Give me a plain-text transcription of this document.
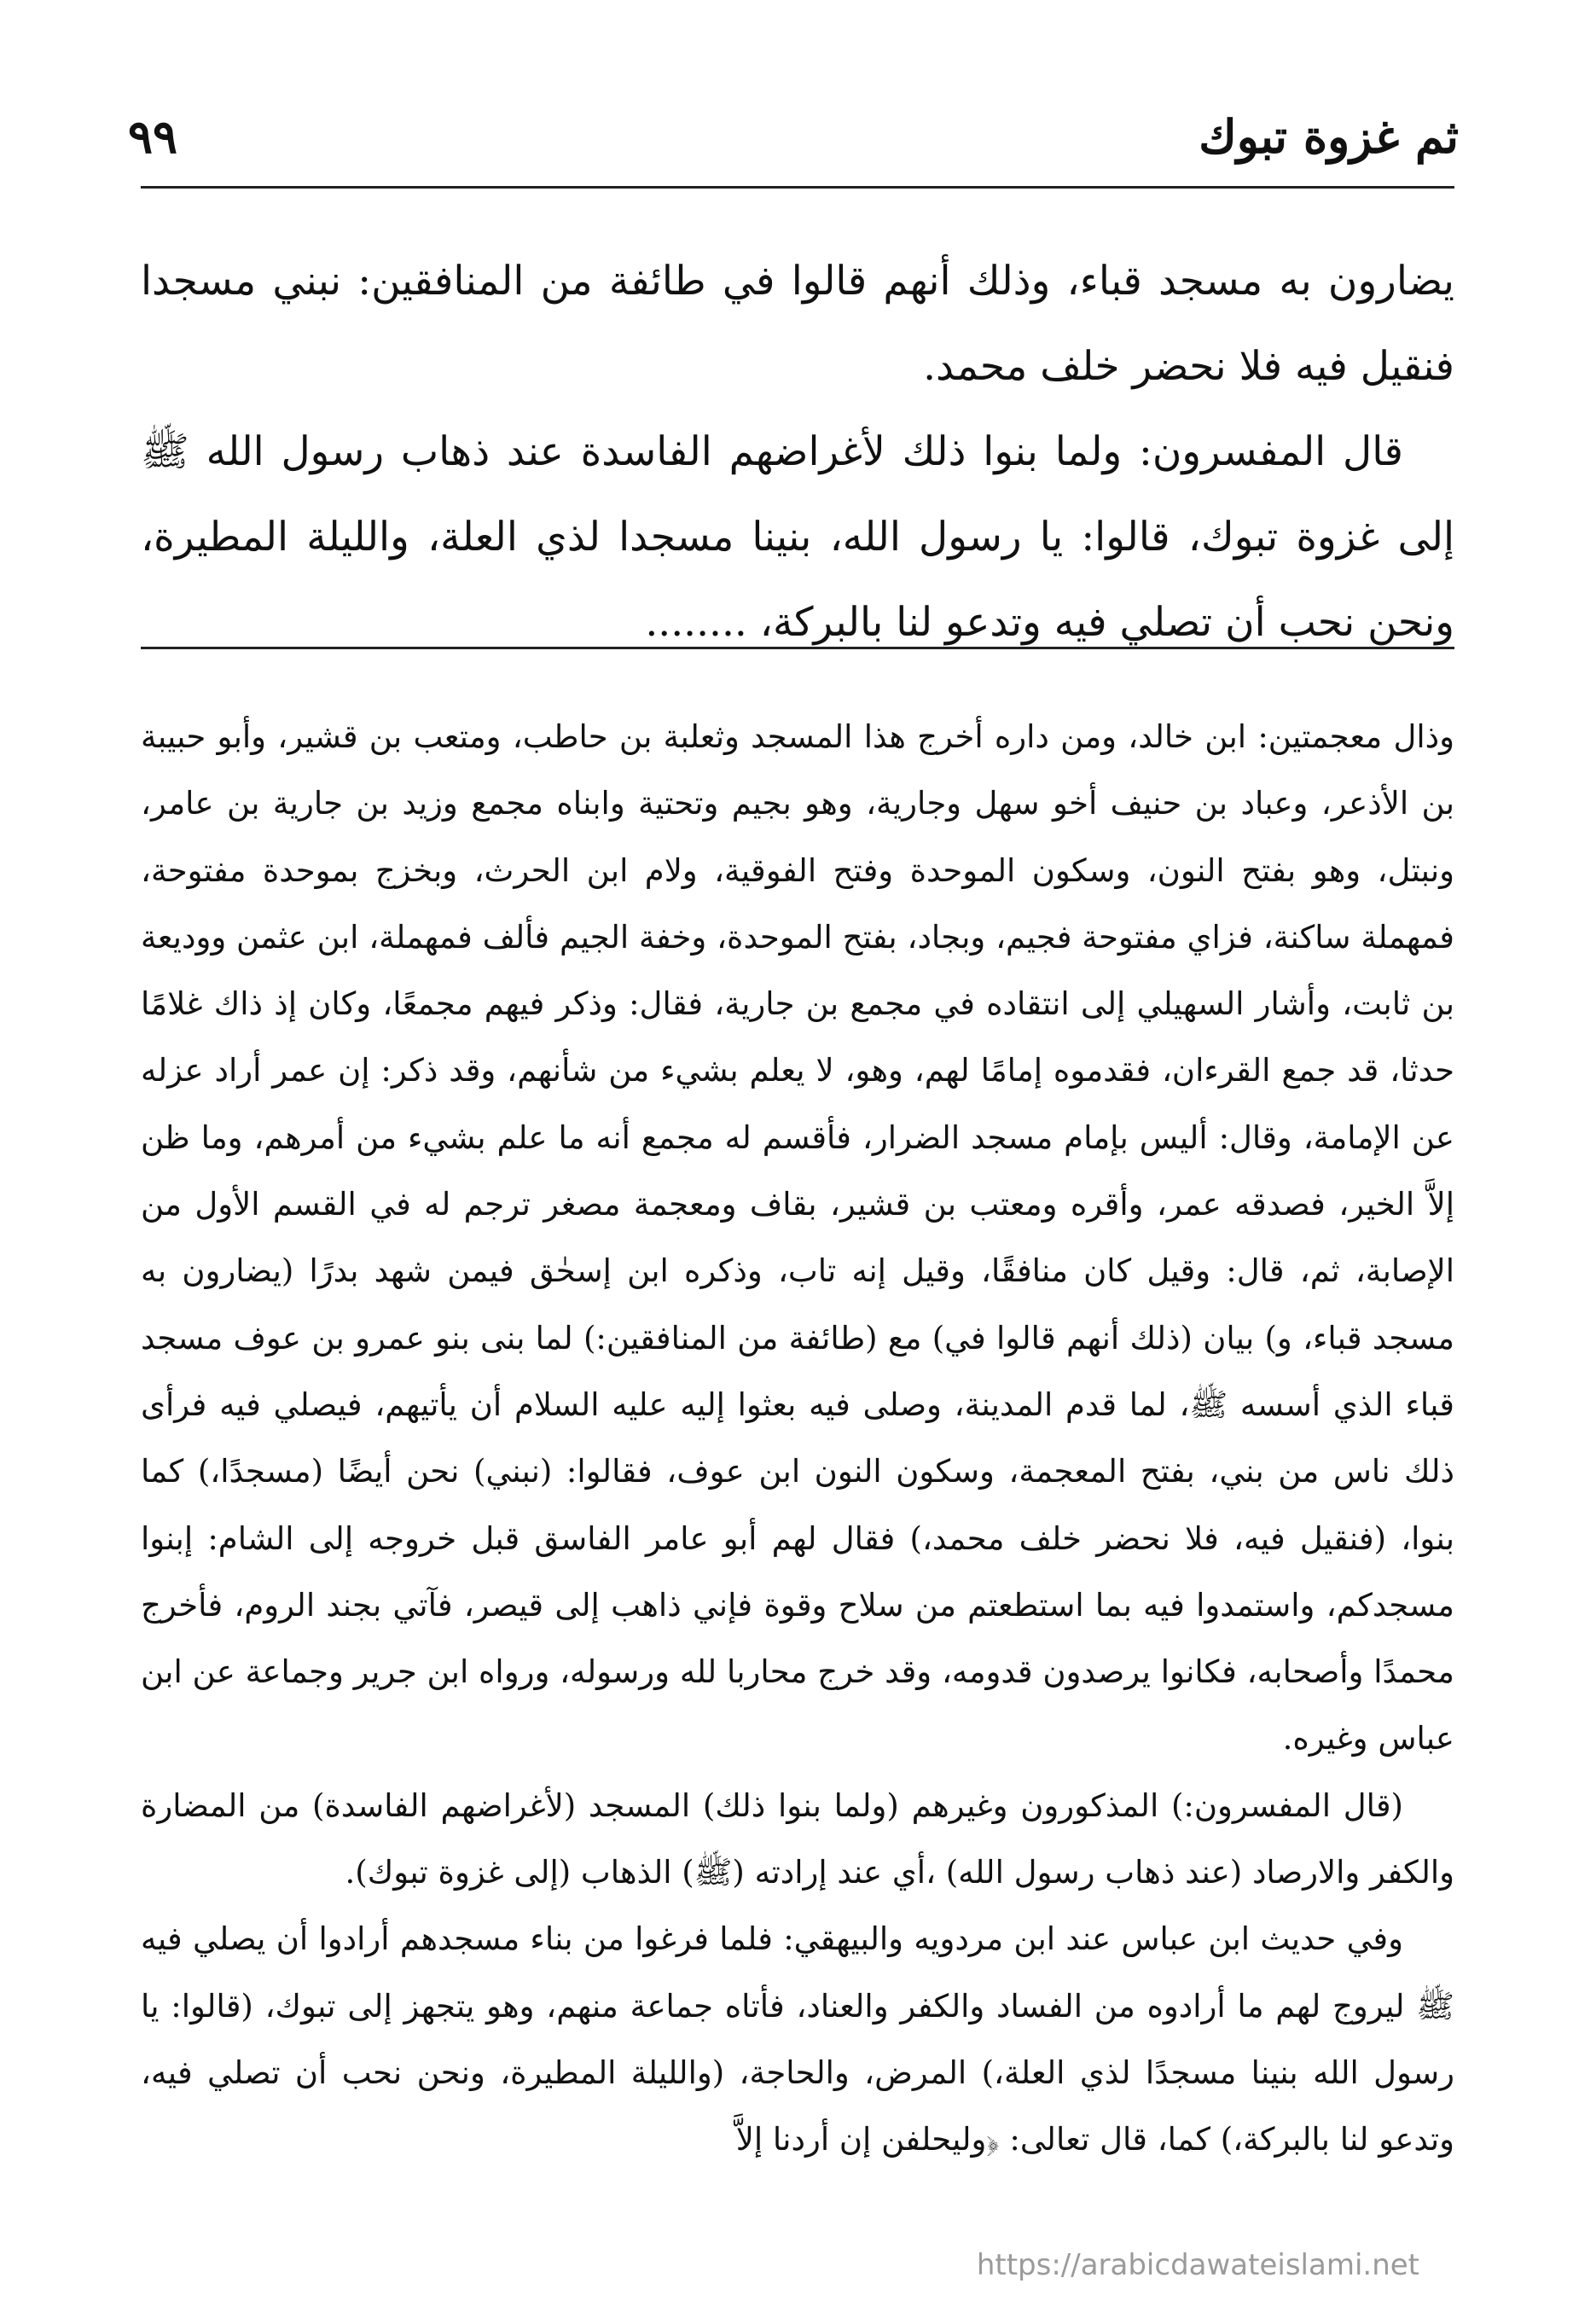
ثم غزوة تبوك
٩٩

يضارون به مسجد قباء، وذلك أنهم قالوا في طائفة من المنافقين: نبني مسجدا فنقيل فيه فلا نحضر خلف محمد.

قال المفسرون: ولما بنوا ذلك لأغراضهم الفاسدة عند ذهاب رسول الله ﷺ إلى غزوة تبوك، قالوا: يا رسول الله، بنينا مسجدا لذي العلة، والليلة المطيرة، ونحن نحب أن تصلي فيه وتدعو لنا بالبركة، ........

وذال معجمتين: ابن خالد، ومن داره أخرج هذا المسجد وثعلبة بن حاطب، ومتعب بن قشير، وأبو حبيبة بن الأذعر، وعباد بن حنيف أخو سهل وجارية، وهو بجيم وتحتية وابناه مجمع وزيد بن جارية بن عامر، ونبتل، وهو بفتح النون، وسكون الموحدة وفتح الفوقية، ولام ابن الحرث، وبخزج بموحدة مفتوحة، فمهملة ساكنة، فزاي مفتوحة فجيم، وبجاد، بفتح الموحدة، وخفة الجيم فألف فمهملة، ابن عثمن ووديعة بن ثابت، وأشار السهيلي إلى انتقاده في مجمع بن جارية، فقال: وذكر فيهم مجمعًا، وكان إذ ذاك غلامًا حدثا، قد جمع القرءان، فقدموه إمامًا لهم، وهو، لا يعلم بشيء من شأنهم، وقد ذكر: إن عمر أراد عزله عن الإمامة، وقال: أليس بإمام مسجد الضرار، فأقسم له مجمع أنه ما علم بشيء من أمرهم، وما ظن إلاَّ الخير، فصدقه عمر، وأقره ومعتب بن قشير، بقاف ومعجمة مصغر ترجم له في القسم الأول من الإصابة، ثم، قال: وقيل كان منافقًا، وقيل إنه تاب، وذكره ابن إسحٰق فيمن شهد بدرًا (يضارون به مسجد قباء، و) بيان (ذلك أنهم قالوا في) مع (طائفة من المنافقين:) لما بنى بنو عمرو بن عوف مسجد قباء الذي أسسه ﷺ، لما قدم المدينة، وصلى فيه بعثوا إليه عليه السلام أن يأتيهم، فيصلي فيه فرأى ذلك ناس من بني، بفتح المعجمة، وسكون النون ابن عوف، فقالوا: (نبني) نحن أيضًا (مسجدًا،) كما بنوا، (فنقيل فيه، فلا نحضر خلف محمد،) فقال لهم أبو عامر الفاسق قبل خروجه إلى الشام: إبنوا مسجدكم، واستمدوا فيه بما استطعتم من سلاح وقوة فإني ذاهب إلى قيصر، فآتي بجند الروم، فأخرج محمدًا وأصحابه، فكانوا يرصدون قدومه، وقد خرج محاربا لله ورسوله، ورواه ابن جرير وجماعة عن ابن عباس وغيره.

(قال المفسرون:) المذكورون وغيرهم (ولما بنوا ذلك) المسجد (لأغراضهم الفاسدة) من المضارة والكفر والارصاد (عند ذهاب رسول الله) ،أي عند إرادته (ﷺ) الذهاب (إلى غزوة تبوك).

وفي حديث ابن عباس عند ابن مردويه والبيهقي: فلما فرغوا من بناء مسجدهم أرادوا أن يصلي فيه ﷺ ليروج لهم ما أرادوه من الفساد والكفر والعناد، فأتاه جماعة منهم، وهو يتجهز إلى تبوك، (قالوا: يا رسول الله بنينا مسجدًا لذي العلة،) المرض، والحاجة، (والليلة المطيرة، ونحن نحب أن تصلي فيه، وتدعو لنا بالبركة،) كما، قال تعالى: ﴿وليحلفن إن أردنا إلاَّ

https://arabicdawateislami.net
